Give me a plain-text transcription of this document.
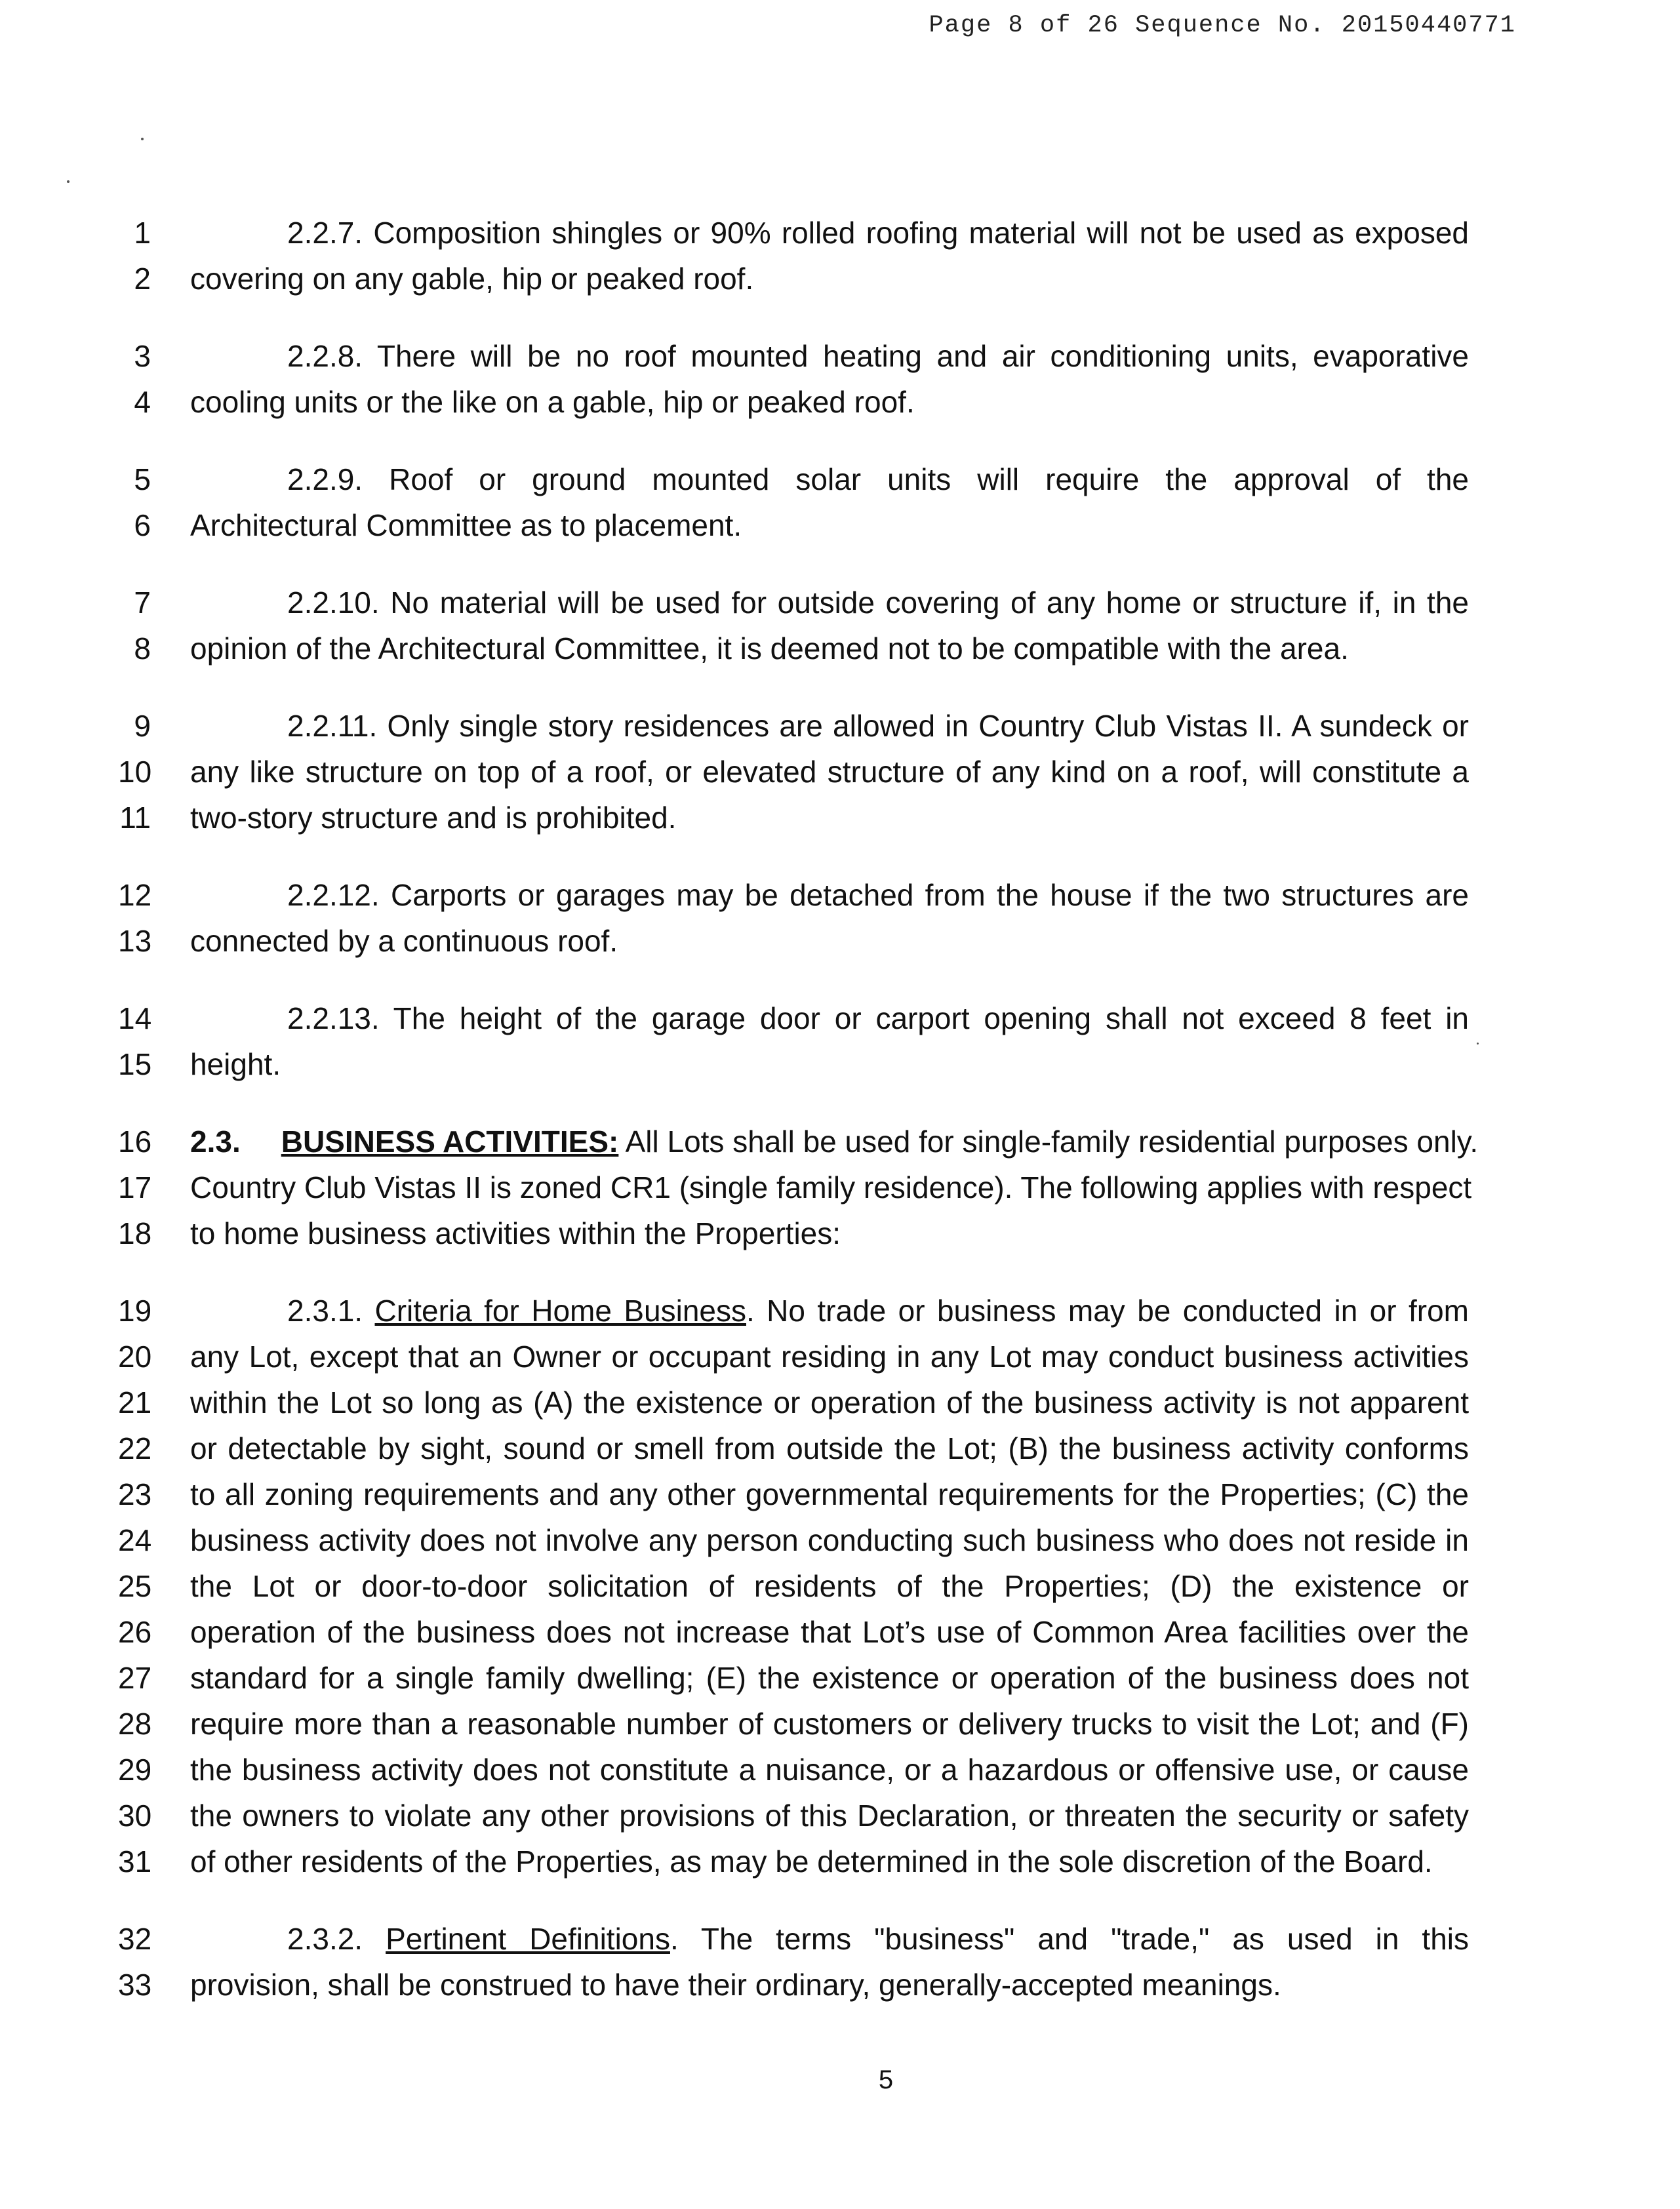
Page 8 of 26 Sequence No. 20150440771
1	2.2.7. Composition shingles or 90% rolled roofing material will not be used as exposed
2 covering on any gable, hip or peaked roof.
3	2.2.8. There will be no roof mounted heating and air conditioning units, evaporative
4 cooling units or the like on a gable, hip or peaked roof.
5	2.2.9. Roof or ground mounted solar units will require the approval of the
6 Architectural Committee as to placement.
7	2.2.10. No material will be used for outside covering of any home or structure if, in the
8 opinion of the Architectural Committee, it is deemed not to be compatible with the area.
9	2.2.11. Only single story residences are allowed in Country Club Vistas II. A sundeck or
10 any like structure on top of a roof, or elevated structure of any kind on a roof, will constitute a
11 two-story structure and is prohibited.
12	2.2.12. Carports or garages may be detached from the house if the two structures are
13 connected by a continuous roof.
14	2.2.13. The height of the garage door or carport opening shall not exceed 8 feet in
15 height.
16 2.3. BUSINESS ACTIVITIES: All Lots shall be used for single-family residential purposes only.
17 Country Club Vistas II is zoned CR1 (single family residence). The following applies with respect
18 to home business activities within the Properties:
19	2.3.1. Criteria for Home Business. No trade or business may be conducted in or from
20 any Lot, except that an Owner or occupant residing in any Lot may conduct business activities
21 within the Lot so long as (A) the existence or operation of the business activity is not apparent
22 or detectable by sight, sound or smell from outside the Lot; (B) the business activity conforms
23 to all zoning requirements and any other governmental requirements for the Properties; (C) the
24 business activity does not involve any person conducting such business who does not reside in
25 the Lot or door-to-door solicitation of residents of the Properties; (D) the existence or
26 operation of the business does not increase that Lot’s use of Common Area facilities over the
27 standard for a single family dwelling; (E) the existence or operation of the business does not
28 require more than a reasonable number of customers or delivery trucks to visit the Lot; and (F)
29 the business activity does not constitute a nuisance, or a hazardous or offensive use, or cause
30 the owners to violate any other provisions of this Declaration, or threaten the security or safety
31 of other residents of the Properties, as may be determined in the sole discretion of the Board.
32	2.3.2. Pertinent Definitions. The terms "business" and "trade," as used in this
33 provision, shall be construed to have their ordinary, generally-accepted meanings.
5
